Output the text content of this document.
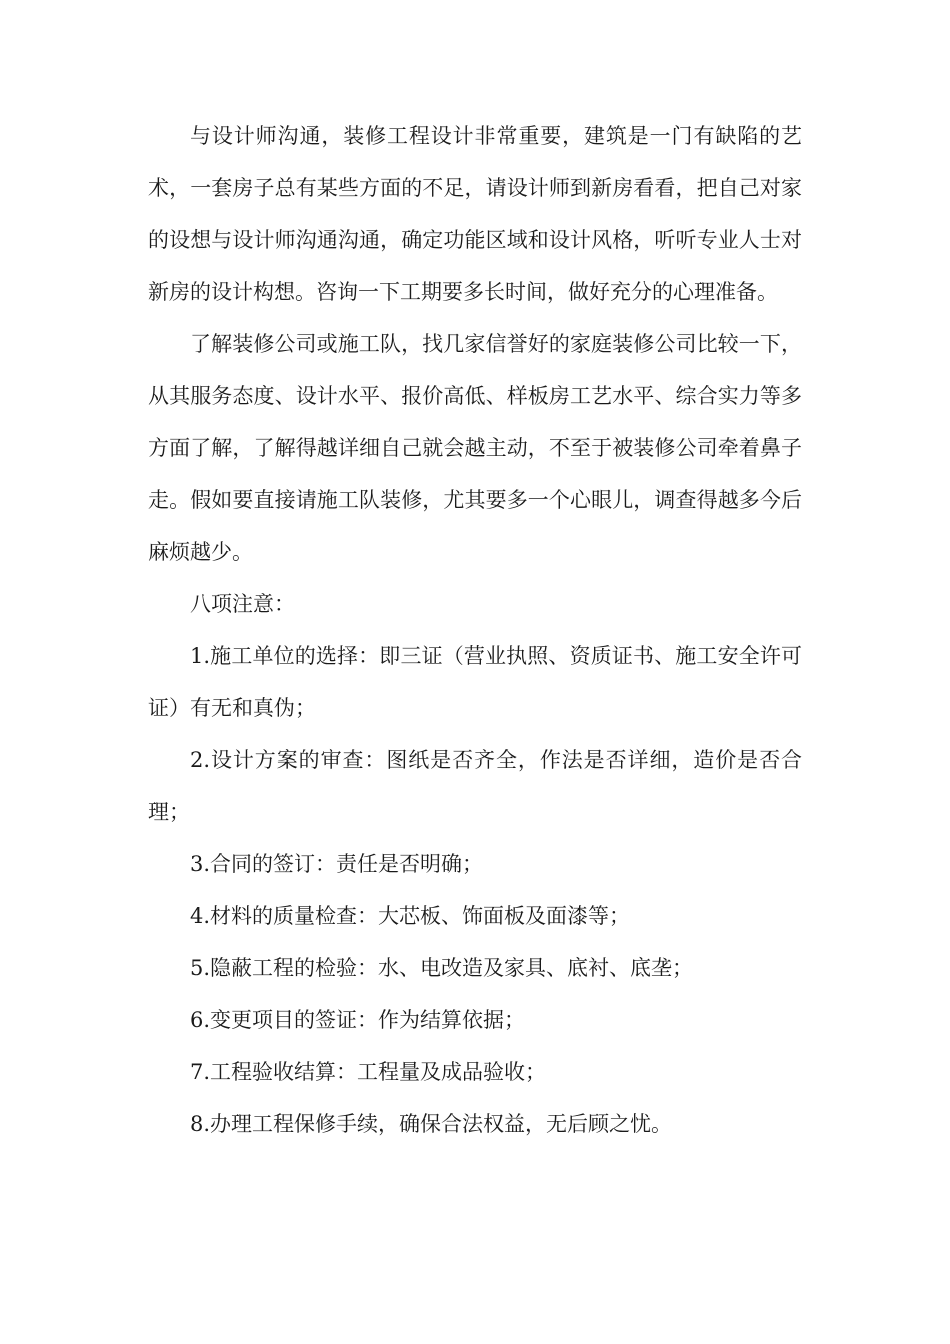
与设计师沟通，装修工程设计非常重要，建筑是一门有缺陷的艺术，一套房子总有某些方面的不足，请设计师到新房看看，把自己对家的设想与设计师沟通沟通，确定功能区域和设计风格，听听专业人士对新房的设计构想。咨询一下工期要多长时间，做好充分的心理准备。

了解装修公司或施工队，找几家信誉好的家庭装修公司比较一下，从其服务态度、设计水平、报价高低、样板房工艺水平、综合实力等多方面了解，了解得越详细自己就会越主动，不至于被装修公司牵着鼻子走。假如要直接请施工队装修，尤其要多一个心眼儿，调查得越多今后麻烦越少。

八项注意：

1.施工单位的选择：即三证（营业执照、资质证书、施工安全许可证）有无和真伪；

2.设计方案的审查：图纸是否齐全，作法是否详细，造价是否合理；

3.合同的签订：责任是否明确；

4.材料的质量检查：大芯板、饰面板及面漆等；

5.隐蔽工程的检验：水、电改造及家具、底衬、底垄；

6.变更项目的签证：作为结算依据；

7.工程验收结算：工程量及成品验收；

8.办理工程保修手续，确保合法权益，无后顾之忧。
